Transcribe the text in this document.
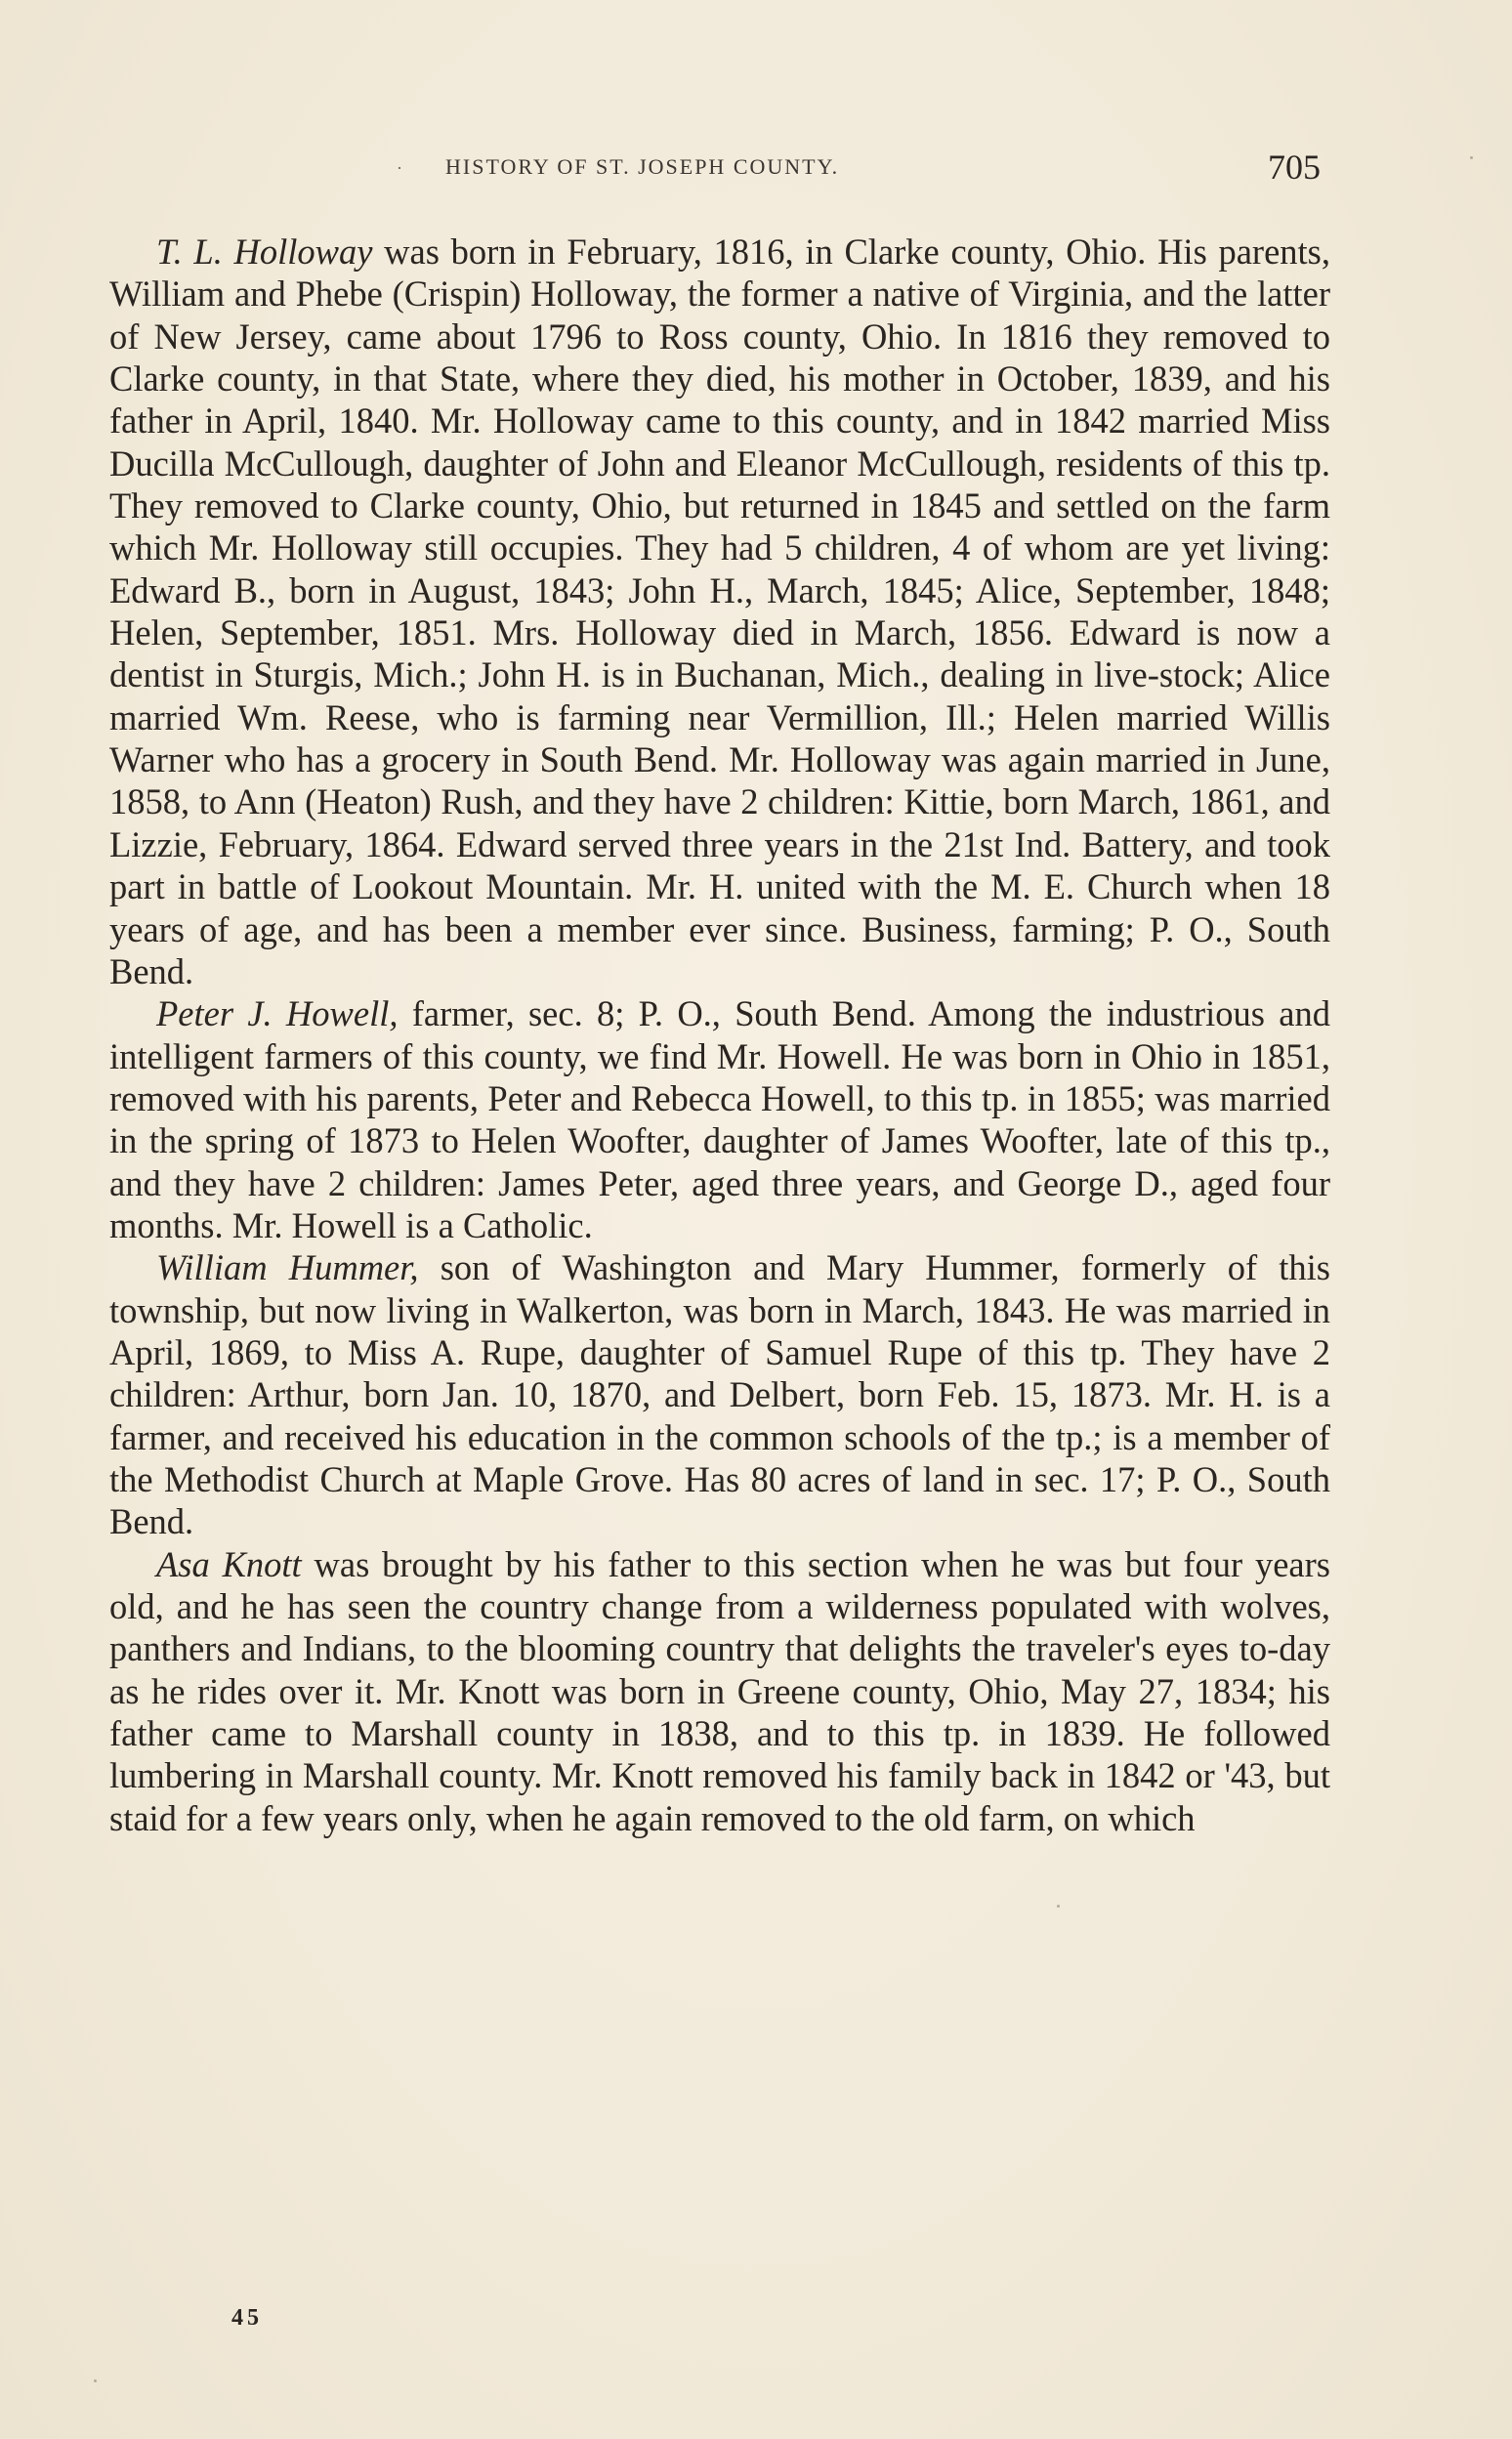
· HISTORY OF ST. JOSEPH COUNTY.	705

T. L. Holloway was born in February, 1816, in Clarke county, Ohio. His parents, William and Phebe (Crispin) Holloway, the former a native of Virginia, and the latter of New Jersey, came about 1796 to Ross county, Ohio. In 1816 they removed to Clarke county, in that State, where they died, his mother in October, 1839, and his father in April, 1840. Mr. Holloway came to this county, and in 1842 married Miss Ducilla McCullough, daughter of John and Eleanor McCullough, residents of this tp. They removed to Clarke county, Ohio, but returned in 1845 and settled on the farm which Mr. Holloway still occupies. They had 5 children, 4 of whom are yet living: Edward B., born in August, 1843; John H., March, 1845; Alice, September, 1848; Helen, September, 1851. Mrs. Holloway died in March, 1856. Edward is now a dentist in Sturgis, Mich.; John H. is in Buchanan, Mich., dealing in live-stock; Alice married Wm. Reese, who is farming near Vermillion, Ill.; Helen married Willis Warner who has a grocery in South Bend. Mr. Holloway was again married in June, 1858, to Ann (Heaton) Rush, and they have 2 children: Kittie, born March, 1861, and Lizzie, February, 1864. Edward served three years in the 21st Ind. Battery, and took part in battle of Lookout Mountain. Mr. H. united with the M. E. Church when 18 years of age, and has been a member ever since. Business, farming; P. O., South Bend.

Peter J. Howell, farmer, sec. 8; P. O., South Bend. Among the industrious and intelligent farmers of this county, we find Mr. Howell. He was born in Ohio in 1851, removed with his parents, Peter and Rebecca Howell, to this tp. in 1855; was married in the spring of 1873 to Helen Woofter, daughter of James Woofter, late of this tp., and they have 2 children: James Peter, aged three years, and George D., aged four months. Mr. Howell is a Catholic.

William Hummer, son of Washington and Mary Hummer, formerly of this township, but now living in Walkerton, was born in March, 1843. He was married in April, 1869, to Miss A. Rupe, daughter of Samuel Rupe of this tp. They have 2 children: Arthur, born Jan. 10, 1870, and Delbert, born Feb. 15, 1873. Mr. H. is a farmer, and received his education in the common schools of the tp.; is a member of the Methodist Church at Maple Grove. Has 80 acres of land in sec. 17; P. O., South Bend.

Asa Knott was brought by his father to this section when he was but four years old, and he has seen the country change from a wilderness populated with wolves, panthers and Indians, to the blooming country that delights the traveler's eyes to-day as he rides over it. Mr. Knott was born in Greene county, Ohio, May 27, 1834; his father came to Marshall county in 1838, and to this tp. in 1839. He followed lumbering in Marshall county. Mr. Knott removed his family back in 1842 or '43, but staid for a few years only, when he again removed to the old farm, on which

45
